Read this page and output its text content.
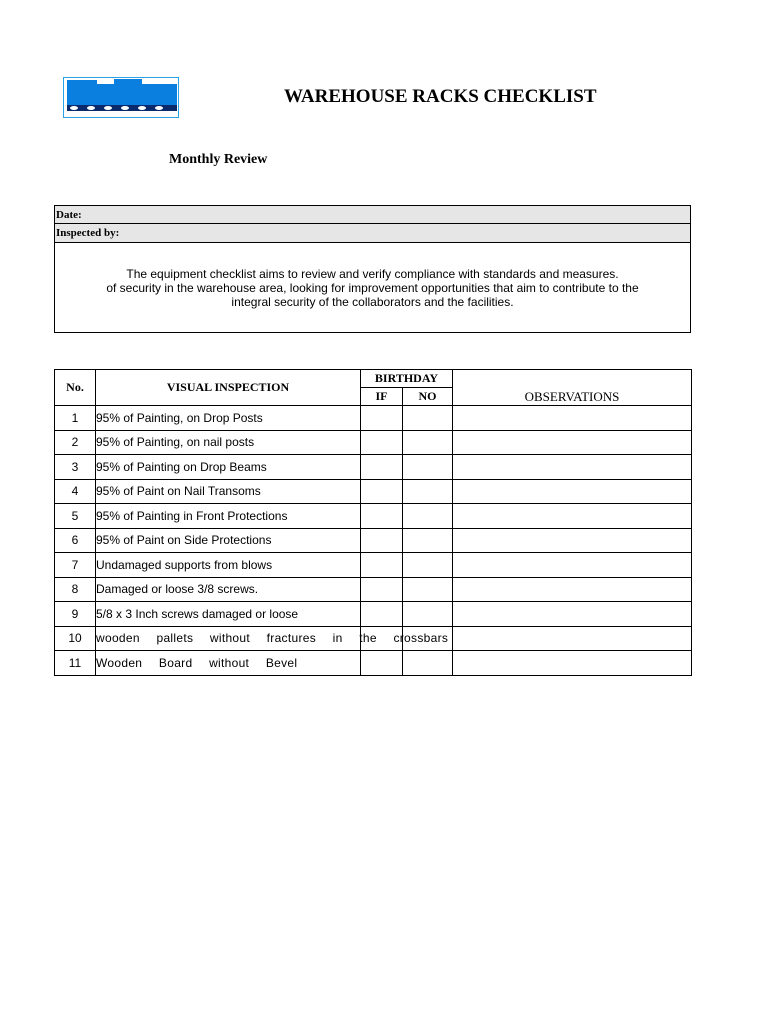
WAREHOUSE RACKS CHECKLIST
Monthly Review
Date:
Inspected by:
The equipment checklist aims to review and verify compliance with standards and measures.
of security in the warehouse area, looking for improvement opportunities that aim to contribute to the
integral security of the collaborators and the facilities.
No.	VISUAL INSPECTION	BIRTHDAY		OBSERVATIONS
		IF	NO	
1	95% of Painting, on Drop Posts			
2	95% of Painting, on nail posts			
3	95% of Painting on Drop Beams			
4	95% of Paint on Nail Transoms			
5	95% of Painting in Front Protections			
6	95% of Paint on Side Protections			
7	Undamaged supports from blows			
8	Damaged or loose 3/8 screws.			
9	5/8 x 3 Inch screws damaged or loose			
10	wooden pallets without fractures in the crossbars			
11	Wooden Board without Bevel			
